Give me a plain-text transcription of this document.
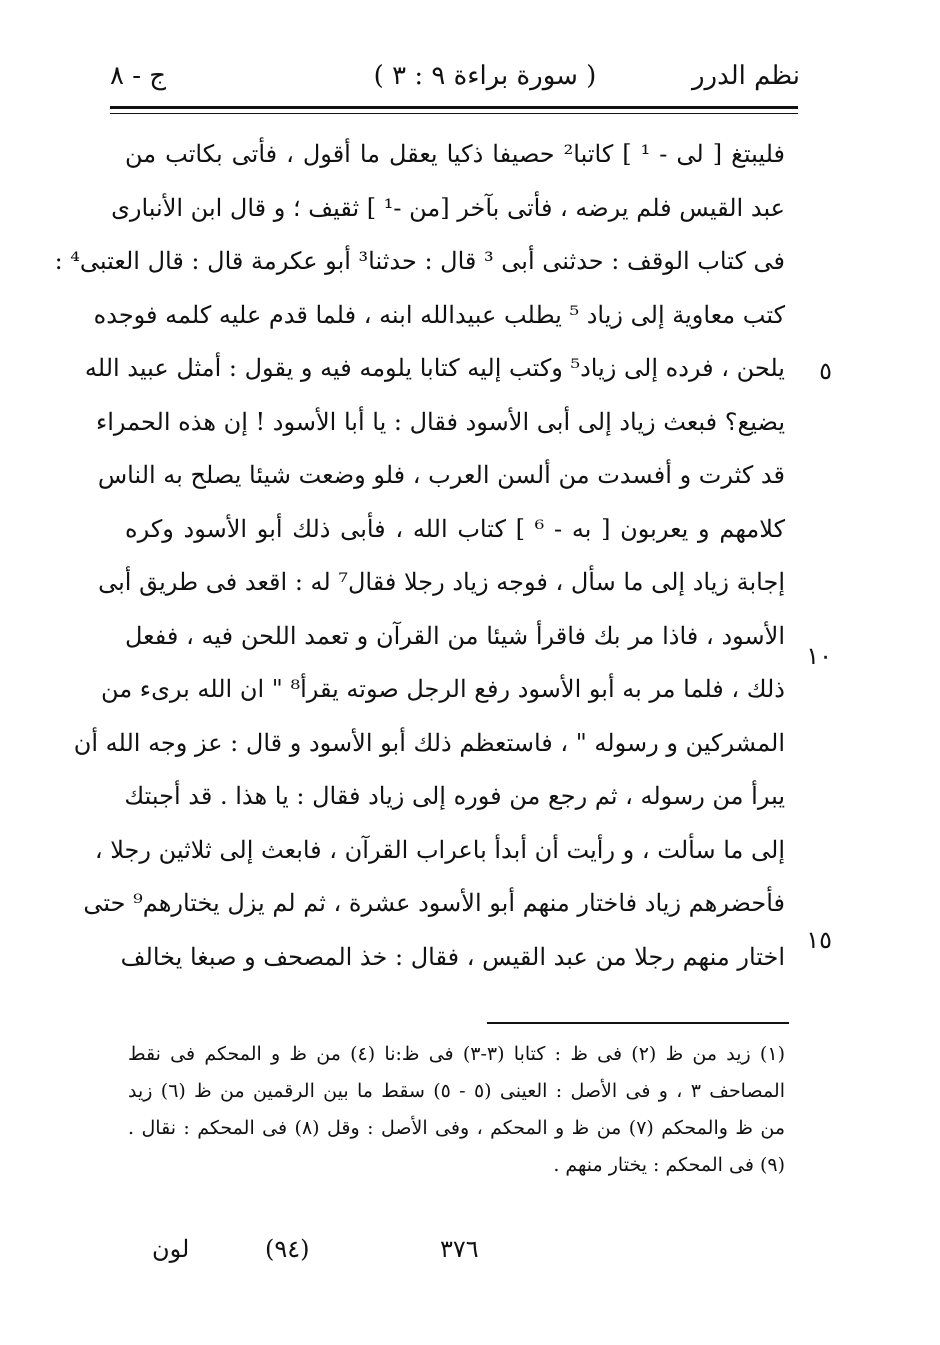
نظم الدرر
( سورة براءة ٩ : ٣ )
ج - ٨
فليبتغ [ لى - ¹ ] كاتبا² حصيفا ذكيا يعقل ما أقول ، فأتى بكاتب من
عبد القيس فلم يرضه ، فأتى بآخر [من -¹ ] ثقيف ؛ و قال ابن الأنبارى
فى كتاب الوقف : حدثنى أبى ³ قال : حدثنا³ أبو عكرمة قال : قال العتبى⁴ :
كتب معاوية إلى زياد ⁵ يطلب عبيدالله ابنه ، فلما قدم عليه كلمه فوجده
يلحن ، فرده إلى زياد⁵ وكتب إليه كتابا يلومه فيه و يقول : أمثل عبيد الله
يضيع؟ فبعث زياد إلى أبى الأسود فقال : يا أبا الأسود ! إن هذه الحمراء
قد كثرت و أفسدت من ألسن العرب ، فلو وضعت شيئا يصلح به الناس
كلامهم و يعربون [ به - ⁶ ] كتاب الله ، فأبى ذلك أبو الأسود وكره
إجابة زياد إلى ما سأل ، فوجه زياد رجلا فقال⁷ له : اقعد فى طريق أبى
الأسود ، فاذا مر بك فاقرأ شيئا من القرآن و تعمد اللحن فيه ، ففعل
ذلك ، فلما مر به أبو الأسود رفع الرجل صوته يقرأ⁸ " ان الله برىء من
المشركين و رسوله " ، فاستعظم ذلك أبو الأسود و قال : عز وجه الله أن
يبرأ من رسوله ، ثم رجع من فوره إلى زياد فقال : يا هذا . قد أجبتك
إلى ما سألت ، و رأيت أن أبدأ باعراب القرآن ، فابعث إلى ثلاثين رجلا ،
فأحضرهم زياد فاختار منهم أبو الأسود عشرة ، ثم لم يزل يختارهم⁹ حتى
اختار منهم رجلا من عبد القيس ، فقال : خذ المصحف و صبغا يخالف
٥
١٠
١٥
(١) زيد من ظ (٢) فى ظ : كتابا (٣-٣) فى ظ:نا (٤) من ظ و المحكم فى نقط
المصاحف ٣ ، و فى الأصل : العينى (٥ - ٥) سقط ما بين الرقمين من ظ (٦) زيد
من ظ والمحكم (٧) من ظ و المحكم ، وفى الأصل : وقل (٨) فى المحكم : نقال .
(٩) فى المحكم : يختار منهم .
٣٧٦
(٩٤)
لون
